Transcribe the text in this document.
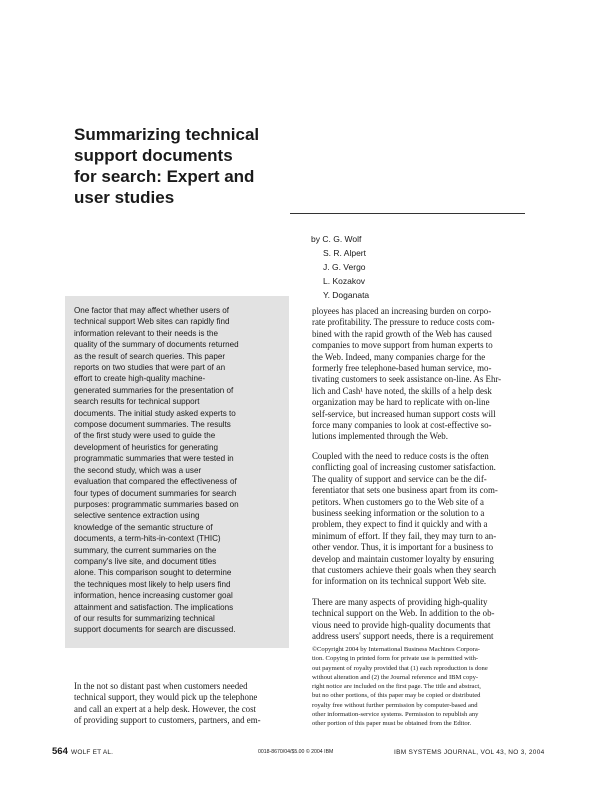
Summarizing technical
support documents
for search: Expert and
user studies
by C. G. Wolf
S. R. Alpert
J. G. Vergo
L. Kozakov
Y. Doganata
One factor that may affect whether users of
technical support Web sites can rapidly find
information relevant to their needs is the
quality of the summary of documents returned
as the result of search queries. This paper
reports on two studies that were part of an
effort to create high-quality machine-
generated summaries for the presentation of
search results for technical support
documents. The initial study asked experts to
compose document summaries. The results
of the first study were used to guide the
development of heuristics for generating
programmatic summaries that were tested in
the second study, which was a user
evaluation that compared the effectiveness of
four types of document summaries for search
purposes: programmatic summaries based on
selective sentence extraction using
knowledge of the semantic structure of
documents, a term-hits-in-context (THIC)
summary, the current summaries on the
company's live site, and document titles
alone. This comparison sought to determine
the techniques most likely to help users find
information, hence increasing customer goal
attainment and satisfaction. The implications
of our results for summarizing technical
support documents for search are discussed.
In the not so distant past when customers needed
technical support, they would pick up the telephone
and call an expert at a help desk. However, the cost
of providing support to customers, partners, and em-
ployees has placed an increasing burden on corpo-
rate profitability. The pressure to reduce costs com-
bined with the rapid growth of the Web has caused
companies to move support from human experts to
the Web. Indeed, many companies charge for the
formerly free telephone-based human service, mo-
tivating customers to seek assistance on-line. As Ehr-
lich and Cash¹ have noted, the skills of a help desk
organization may be hard to replicate with on-line
self-service, but increased human support costs will
force many companies to look at cost-effective so-
lutions implemented through the Web.
Coupled with the need to reduce costs is the often
conflicting goal of increasing customer satisfaction.
The quality of support and service can be the dif-
ferentiator that sets one business apart from its com-
petitors. When customers go to the Web site of a
business seeking information or the solution to a
problem, they expect to find it quickly and with a
minimum of effort. If they fail, they may turn to an-
other vendor. Thus, it is important for a business to
develop and maintain customer loyalty by ensuring
that customers achieve their goals when they search
for information on its technical support Web site.
There are many aspects of providing high-quality
technical support on the Web. In addition to the ob-
vious need to provide high-quality documents that
address users' support needs, there is a requirement
©Copyright 2004 by International Business Machines Corpora-
tion. Copying in printed form for private use is permitted with-
out payment of royalty provided that (1) each reproduction is done
without alteration and (2) the Journal reference and IBM copy-
right notice are included on the first page. The title and abstract,
but no other portions, of this paper may be copied or distributed
royalty free without further permission by computer-based and
other information-service systems. Permission to republish any
other portion of this paper must be obtained from the Editor.
564 WOLF ET AL.	0018-8670/04/$5.00 © 2004 IBM	IBM SYSTEMS JOURNAL, VOL 43, NO 3, 2004
